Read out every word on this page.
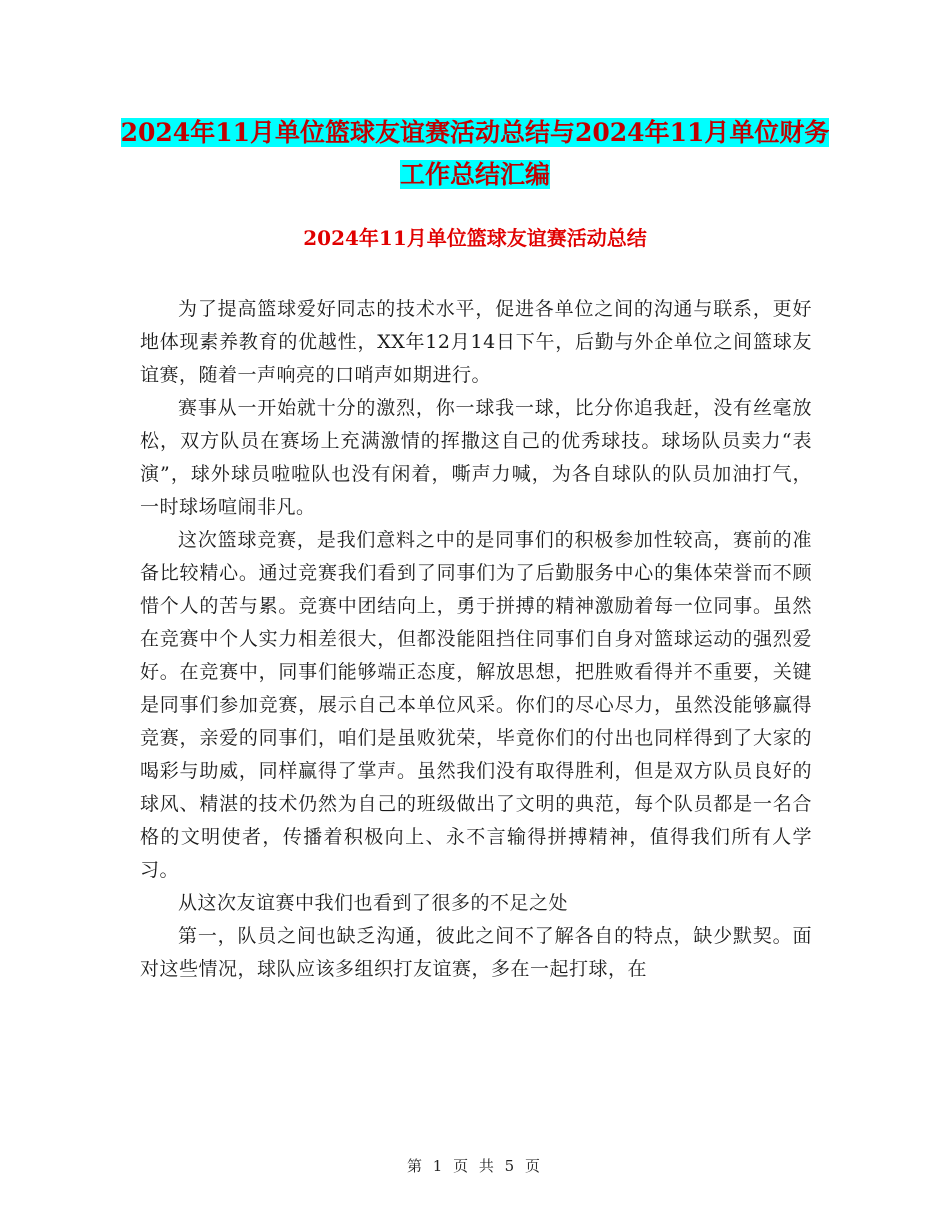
2024年11月单位篮球友谊赛活动总结与2024年11月单位财务工作总结汇编
2024年11月单位篮球友谊赛活动总结

为了提高篮球爱好同志的技术水平，促进各单位之间的沟通与联系，更好地体现素养教育的优越性，XX年12月14日下午，后勤与外企单位之间篮球友谊赛，随着一声响亮的口哨声如期进行。

赛事从一开始就十分的激烈，你一球我一球，比分你追我赶，没有丝毫放松，双方队员在赛场上充满激情的挥撒这自己的优秀球技。球场队员卖力“表演”，球外球员啦啦队也没有闲着，嘶声力喊，为各自球队的队员加油打气，一时球场喧闹非凡。

这次篮球竞赛，是我们意料之中的是同事们的积极参加性较高，赛前的准备比较精心。通过竞赛我们看到了同事们为了后勤服务中心的集体荣誉而不顾惜个人的苦与累。竞赛中团结向上，勇于拼搏的精神激励着每一位同事。虽然在竞赛中个人实力相差很大，但都没能阻挡住同事们自身对篮球运动的强烈爱好。在竞赛中，同事们能够端正态度，解放思想，把胜败看得并不重要，关键是同事们参加竞赛，展示自己本单位风采。你们的尽心尽力，虽然没能够赢得竞赛，亲爱的同事们，咱们是虽败犹荣，毕竟你们的付出也同样得到了大家的喝彩与助威，同样赢得了掌声。虽然我们没有取得胜利，但是双方队员良好的球风、精湛的技术仍然为自己的班级做出了文明的典范，每个队员都是一名合格的文明使者，传播着积极向上、永不言输得拼搏精神，值得我们所有人学习。

从这次友谊赛中我们也看到了很多的不足之处

第一，队员之间也缺乏沟通，彼此之间不了解各自的特点，缺少默契。面对这些情况，球队应该多组织打友谊赛，多在一起打球，在

第 1 页 共 5 页
